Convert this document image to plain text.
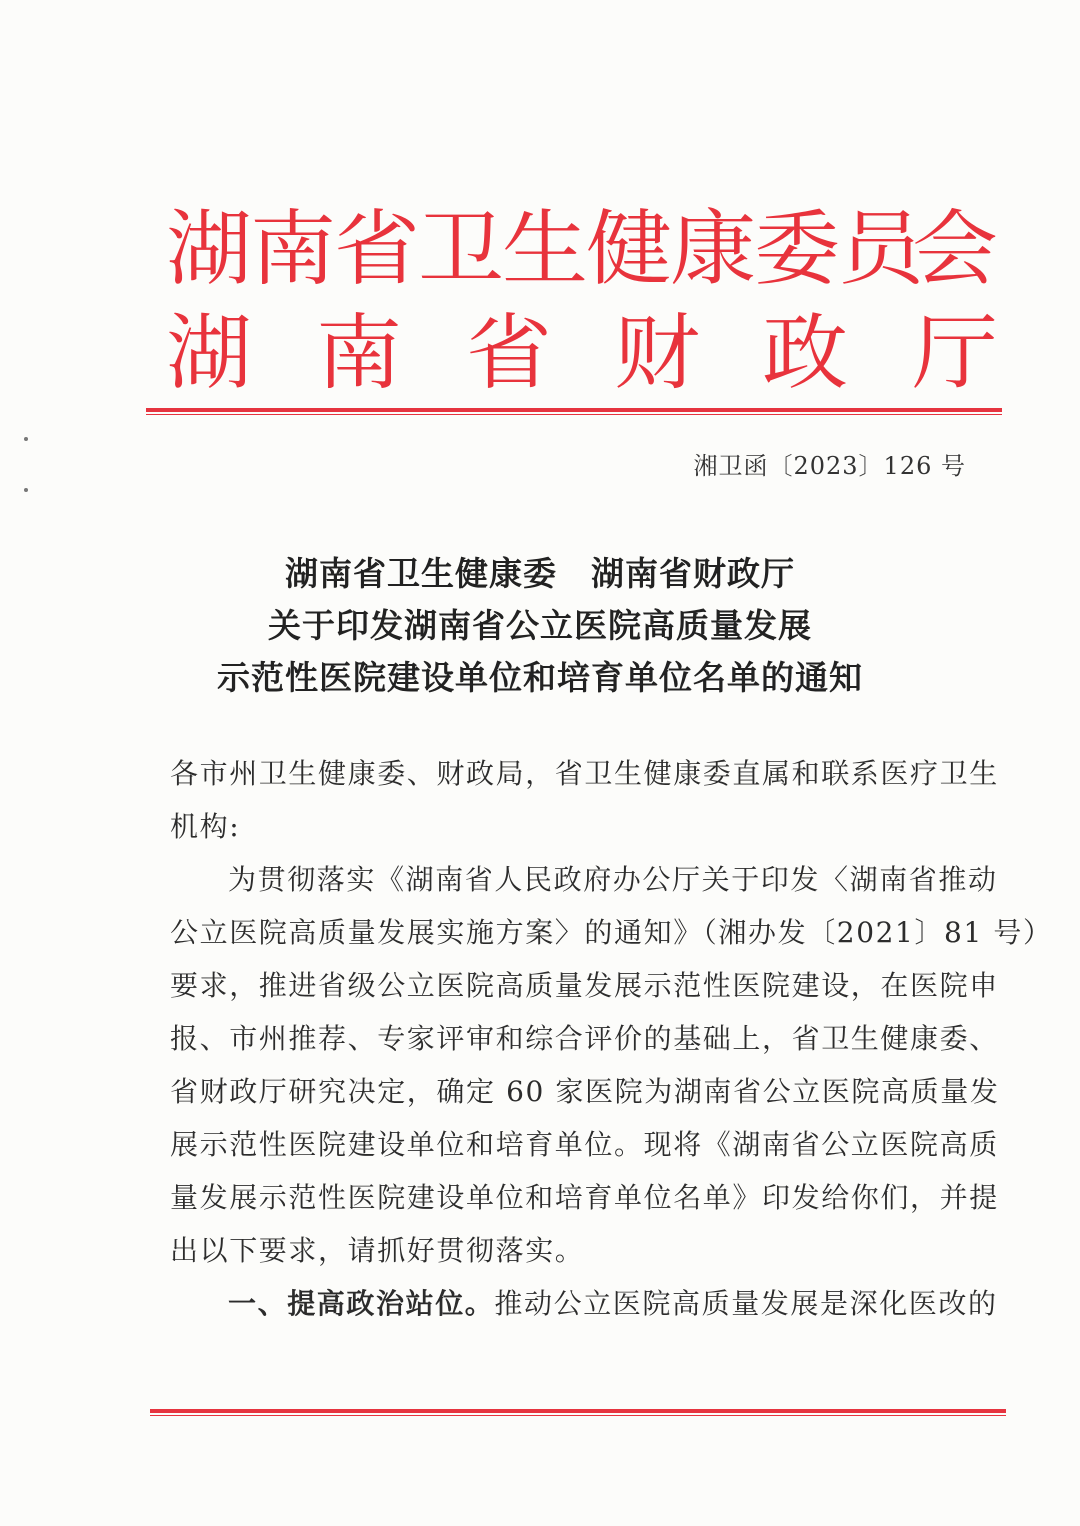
湖
南
省
卫
生
健
康
委
员
会
湖 南 省 财 政 厅
湘卫函〔2023〕126 号
湖南省卫生健康委　湖南省财政厅
关于印发湖南省公立医院高质量发展
示范性医院建设单位和培育单位名单的通知
各市州卫生健康委、财政局，省卫生健康委直属和联系医疗卫生
机构:
为贯彻落实《湖南省人民政府办公厅关于印发〈湖南省推动
公立医院高质量发展实施方案〉的通知》（湘办发〔2021〕81 号）
要求，推进省级公立医院高质量发展示范性医院建设，在医院申
报、市州推荐、专家评审和综合评价的基础上，省卫生健康委、
省财政厅研究决定，确定 60 家医院为湖南省公立医院高质量发
展示范性医院建设单位和培育单位。现将《湖南省公立医院高质
量发展示范性医院建设单位和培育单位名单》印发给你们，并提
出以下要求，请抓好贯彻落实。
一、提高政治站位。推动公立医院高质量发展是深化医改的
